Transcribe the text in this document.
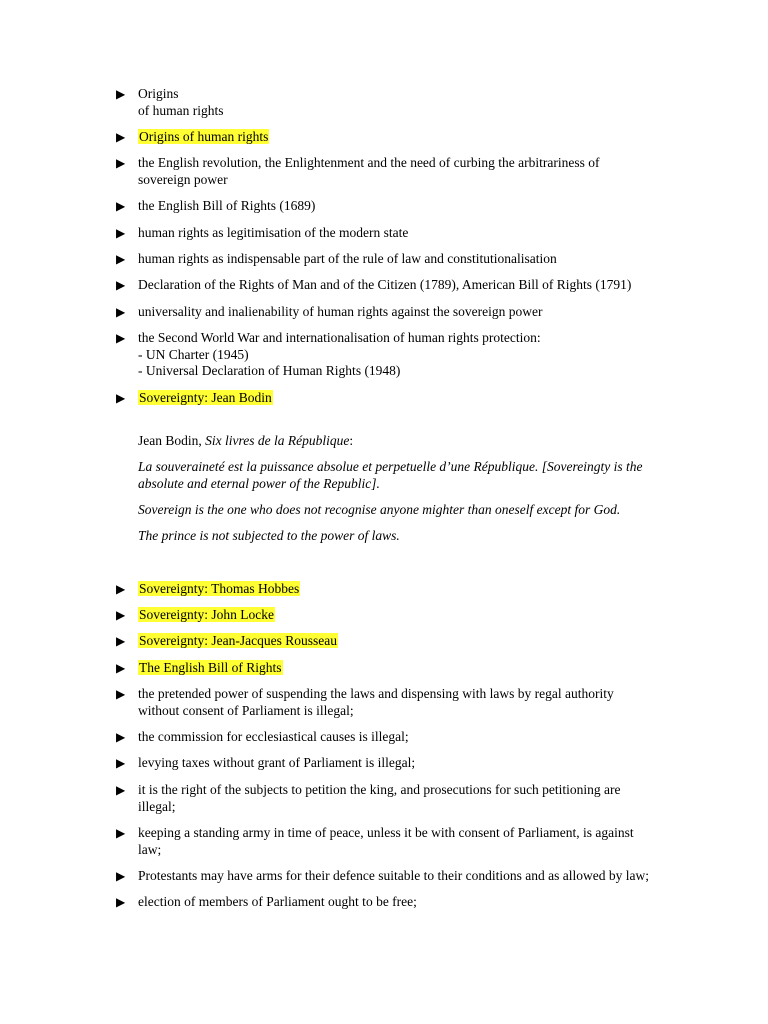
▶ Origins
of human rights
▶	Origins of human rights
▶ the English revolution, the Enlightenment and the need of curbing the arbitrariness of
sovereign power
▶ the English Bill of Rights (1689)
▶ human rights as legitimisation of the modern state
▶ human rights as indispensable part of the rule of law and constitutionalisation
▶ Declaration of the Rights of Man and of the Citizen (1789), American Bill of Rights (1791)
▶ universality and inalienability of human rights against the sovereign power
▶ the Second World War and internationalisation of human rights protection:
- UN Charter (1945)
- Universal Declaration of Human Rights (1948)
▶	Sovereignty: Jean Bodin
Jean Bodin, Six livres de la République:
La souveraineté est la puissance absolue et perpetuelle d’une République. [Sovereingty is the
absolute and eternal power of the Republic].
Sovereign is the one who does not recognise anyone mighter than oneself except for God.
The prince is not subjected to the power of laws.
▶	Sovereignty: Thomas Hobbes
▶	Sovereignty: John Locke
▶	Sovereignty: Jean-Jacques Rousseau
▶	The English Bill of Rights
▶ the pretended power of suspending the laws and dispensing with laws by regal authority
without consent of Parliament is illegal;
▶ the commission for ecclesiastical causes is illegal;
▶ levying taxes without grant of Parliament is illegal;
▶ it is the right of the subjects to petition the king, and prosecutions for such petitioning are
illegal;
▶ keeping a standing army in time of peace, unless it be with consent of Parliament, is against
law;
▶ Protestants may have arms for their defence suitable to their conditions and as allowed by law;
▶ election of members of Parliament ought to be free;
